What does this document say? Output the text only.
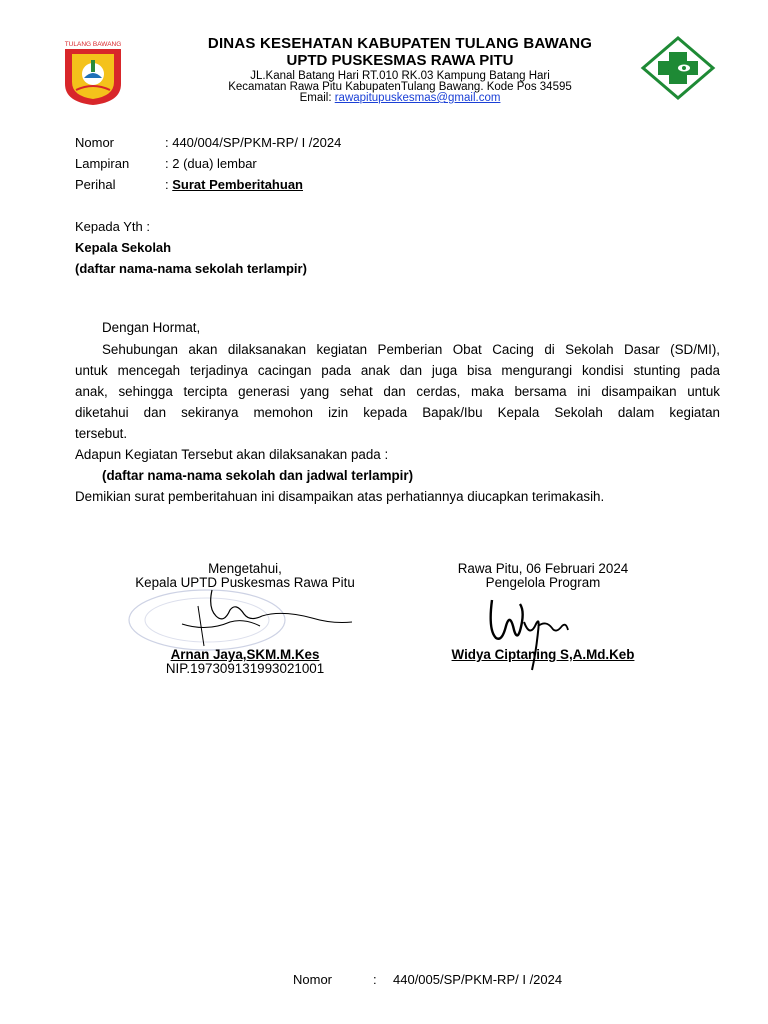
TULANG BAWANG	DINAS KESEHATAN KABUPATEN TULANG BAWANG
UPTD PUSKESMAS RAWA PITU
JL.Kanal Batang Hari RT.010 RK.03 Kampung Batang Hari
Kecamatan Rawa Pitu KabupatenTulang Bawang. Kode Pos 34595
Email: rawapitupuskesmas@gmail.com
Nomor	: 440/004/SP/PKM-RP/ I /2024
Lampiran	: 2 (dua) lembar
Perihal	: Surat Pemberitahuan
Kepada Yth :
Kepala Sekolah
(daftar nama-nama sekolah terlampir)
Dengan Hormat,
Sehubungan akan dilaksanakan kegiatan Pemberian Obat Cacing di Sekolah Dasar (SD/MI),
untuk mencegah terjadinya cacingan pada anak dan juga bisa mengurangi kondisi stunting pada
anak, sehingga tercipta generasi yang sehat dan cerdas, maka bersama ini disampaikan untuk
diketahui dan sekiranya memohon izin kepada Bapak/Ibu Kepala Sekolah dalam kegiatan
tersebut.
Adapun Kegiatan Tersebut akan dilaksanakan pada :
(daftar nama-nama sekolah dan jadwal terlampir)
Demikian surat pemberitahuan ini disampaikan atas perhatiannya diucapkan terimakasih.
Mengetahui,
Kepala UPTD Puskesmas Rawa Pitu
Arnan Jaya,SKM.M.Kes
NIP.197309131993021001
Rawa Pitu, 06 Februari 2024
Pengelola Program
Widya Ciptaning S,A.Md.Keb
Nomor	: 440/005/SP/PKM-RP/ I /2024
